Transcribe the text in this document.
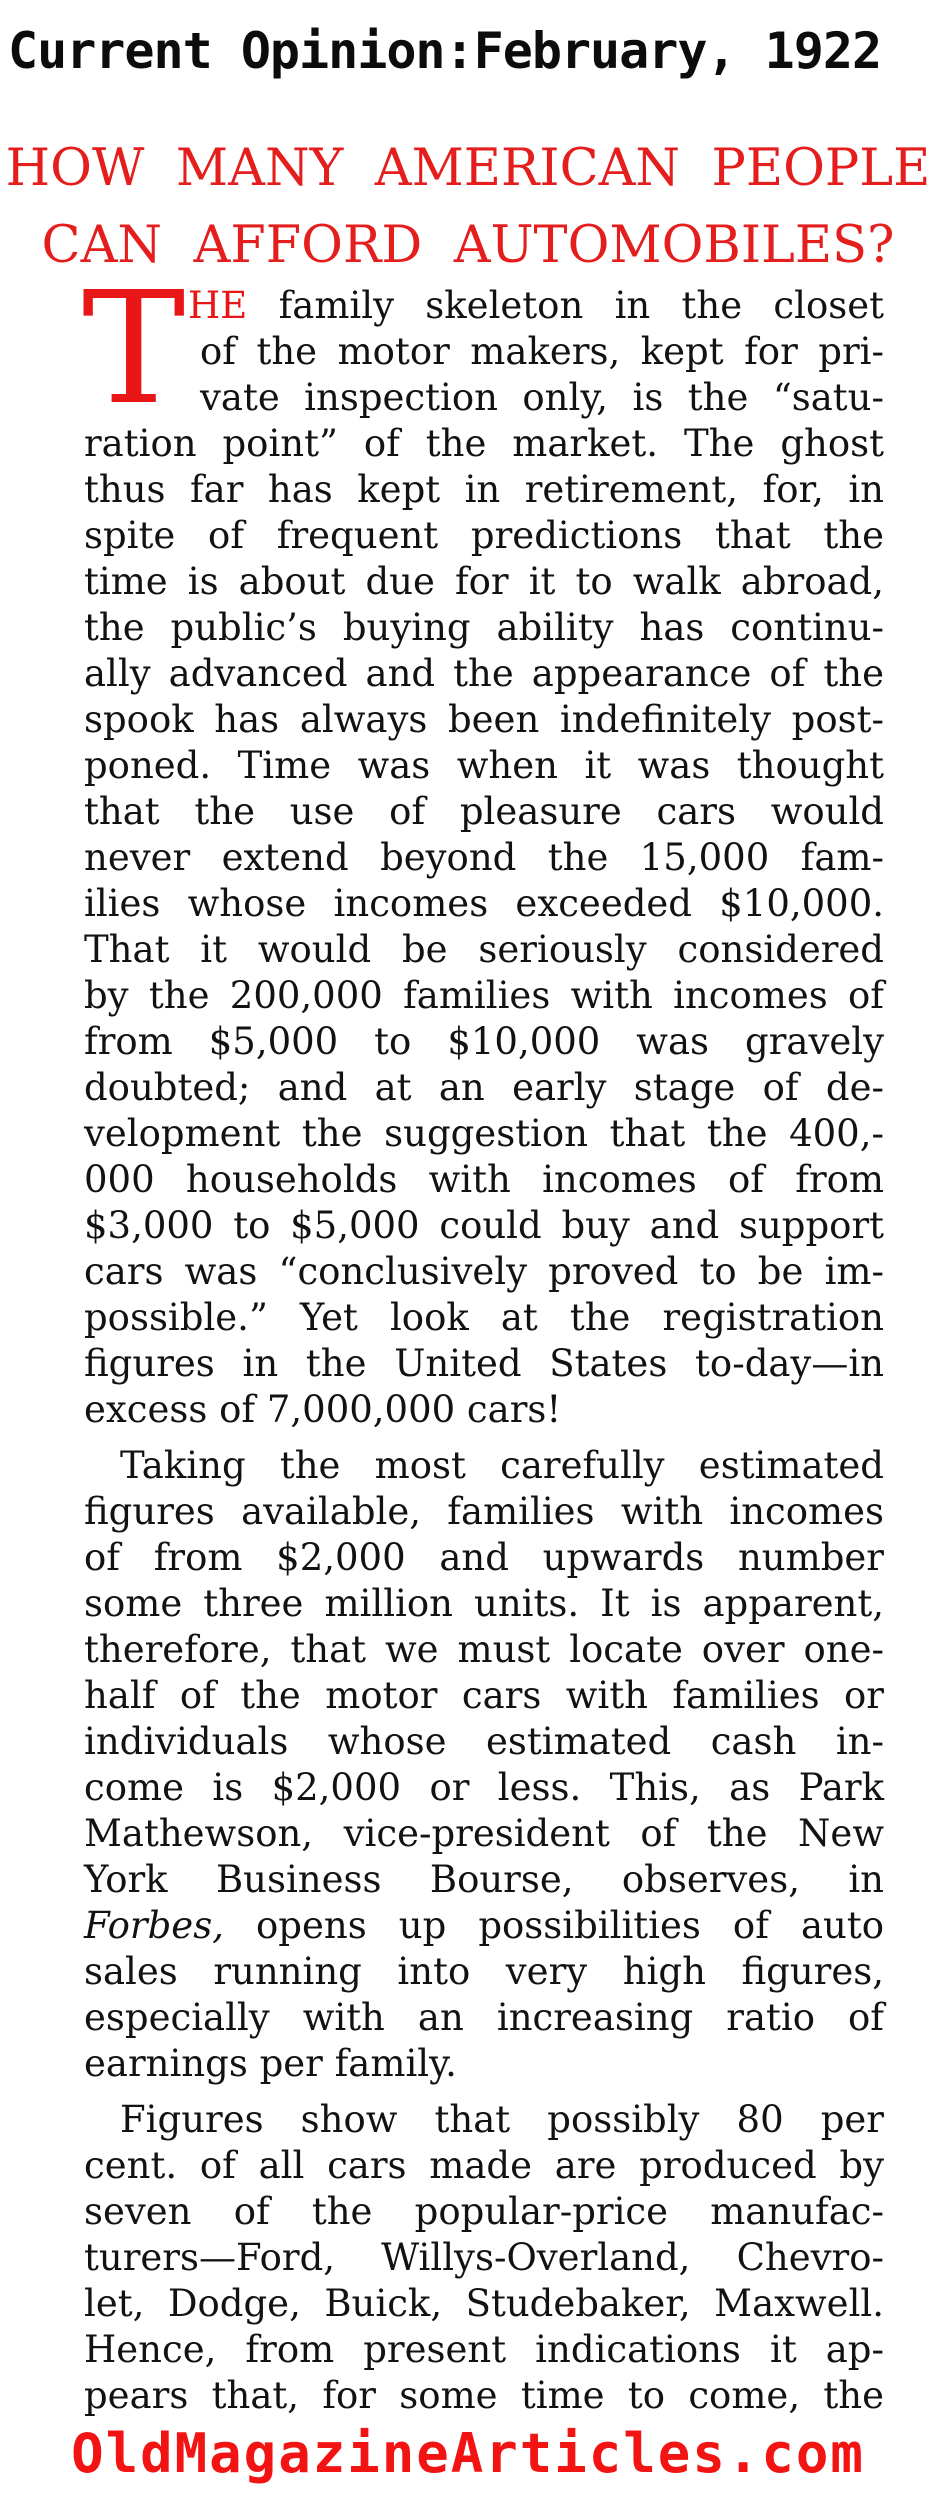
Current Opinion:February, 1922
HOW MANY AMERICAN PEOPLE
CAN AFFORD AUTOMOBILES?
T HE family skeleton in the closet
of the motor makers, kept for pri-
vate inspection only, is the “satu-
ration point” of the market. The ghost
thus far has kept in retirement, for, in
spite of frequent predictions that the
time is about due for it to walk abroad,
the public’s buying ability has continu-
ally advanced and the appearance of the
spook has always been indefinitely post-
poned. Time was when it was thought
that the use of pleasure cars would
never extend beyond the 15,000 fam-
ilies whose incomes exceeded $10,000.
That it would be seriously considered
by the 200,000 families with incomes of
from $5,000 to $10,000 was gravely
doubted; and at an early stage of de-
velopment the suggestion that the 400,-
000 households with incomes of from
$3,000 to $5,000 could buy and support
cars was “conclusively proved to be im-
possible.” Yet look at the registration
figures in the United States to-day—in
excess of 7,000,000 cars!
Taking the most carefully estimated
figures available, families with incomes
of from $2,000 and upwards number
some three million units. It is apparent,
therefore, that we must locate over one-
half of the motor cars with families or
individuals whose estimated cash in-
come is $2,000 or less. This, as Park
Mathewson, vice-president of the New
York Business Bourse, observes, in
Forbes, opens up possibilities of auto
sales running into very high figures,
especially with an increasing ratio of
earnings per family.
Figures show that possibly 80 per
cent. of all cars made are produced by
seven of the popular-price manufac-
turers—Ford, Willys-Overland, Chevro-
let, Dodge, Buick, Studebaker, Maxwell.
Hence, from present indications it ap-
pears that, for some time to come, the
OldMagazineArticles.com
